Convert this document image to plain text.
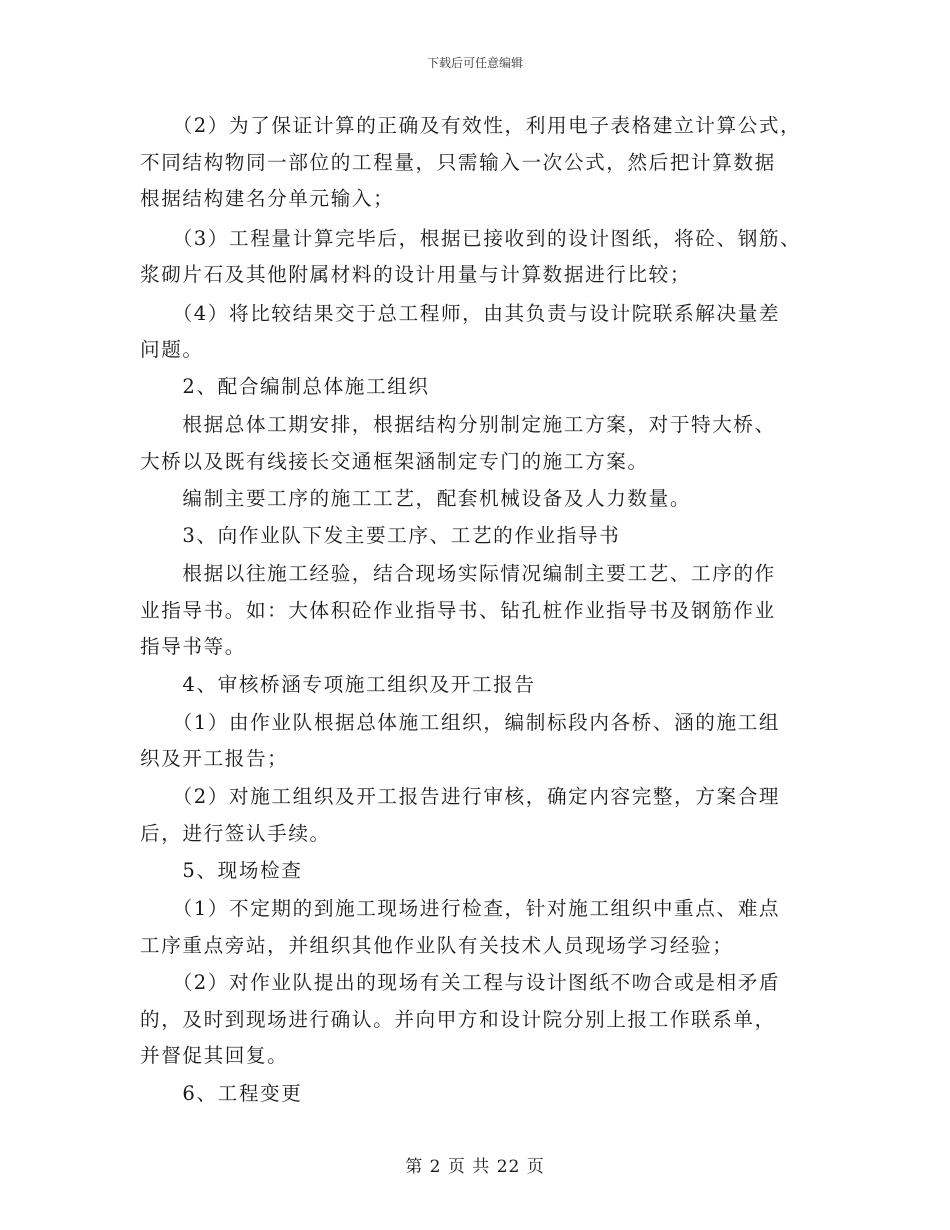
下载后可任意编辑
　　（2）为了保证计算的正确及有效性，利用电子表格建立计算公式，
不同结构物同一部位的工程量，只需输入一次公式，然后把计算数据
根据结构建名分单元输入；
　　（3）工程量计算完毕后，根据已接收到的设计图纸，将砼、钢筋、
浆砌片石及其他附属材料的设计用量与计算数据进行比较；
　　（4）将比较结果交于总工程师，由其负责与设计院联系解决量差
问题。
　　2、配合编制总体施工组织
　　根据总体工期安排，根据结构分别制定施工方案，对于特大桥、
大桥以及既有线接长交通框架涵制定专门的施工方案。
　　编制主要工序的施工工艺，配套机械设备及人力数量。
　　3、向作业队下发主要工序、工艺的作业指导书
　　根据以往施工经验，结合现场实际情况编制主要工艺、工序的作
业指导书。如：大体积砼作业指导书、钻孔桩作业指导书及钢筋作业
指导书等。
　　4、审核桥涵专项施工组织及开工报告
　　（1）由作业队根据总体施工组织，编制标段内各桥、涵的施工组
织及开工报告；
　　（2）对施工组织及开工报告进行审核，确定内容完整，方案合理
后，进行签认手续。
　　5、现场检查
　　（1）不定期的到施工现场进行检查，针对施工组织中重点、难点
工序重点旁站，并组织其他作业队有关技术人员现场学习经验；
　　（2）对作业队提出的现场有关工程与设计图纸不吻合或是相矛盾
的，及时到现场进行确认。并向甲方和设计院分别上报工作联系单，
并督促其回复。
　　6、工程变更
第 2 页 共 22 页
